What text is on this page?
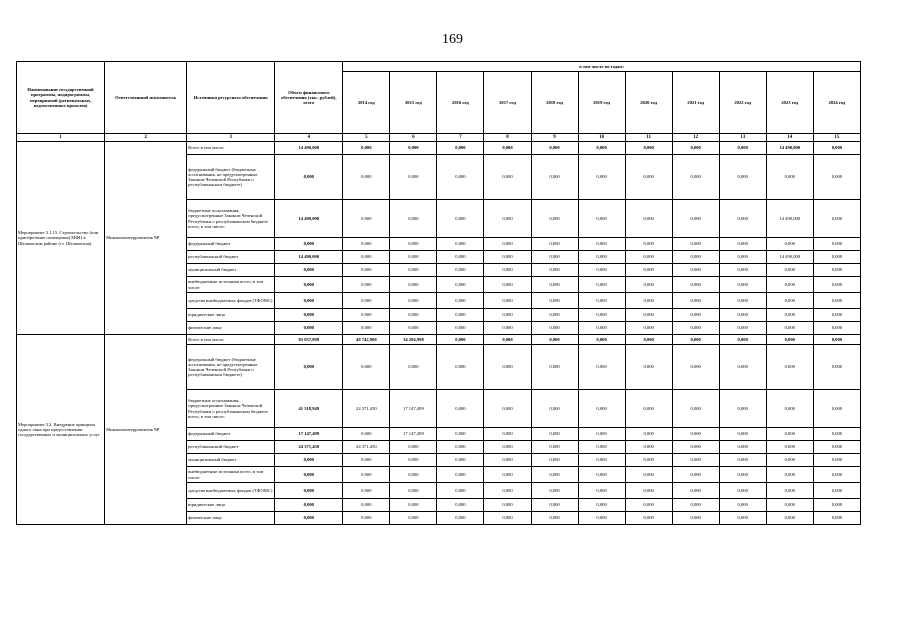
169
Наименование государственной программы, подпрограммы, мероприятий (региональных, ведомственных проектов)	Ответственный исполнитель	Источники ресурсного обеспечения	Объем финансового обеспечения (тыс. рублей), всего	в том числе по годам:										
				2014 год	2015 год	2016 год	2017 год	2018 год	2019 год	2020 год	2021 год	2022 год	2023 год	2024 год
1	2	3	4	5	6	7	8	9	10	11	12	13	14	15
Мероприятие 3.1.15. Строительство (или приобретение помещения) МФЦ в Шелковском районе (ст. Шелковская)	Минэкономтерразвития ЧР	Всего в том числе:	14 490,000	0,000	0,000	0,000	0,000	0,000	0,000	0,000	0,000	0,000	14 490,000	0,000
		федеральный бюджет (бюджетные ассигнования, не предусмотренные Законом Чеченской Республики о республиканском бюджете)	0,000	0,000	0,000	0,000	0,000	0,000	0,000	0,000	0,000	0,000	0,000	0,000
		бюджетные ассигнования, предусмотренные Законом Чеченской Республики о республиканском бюджете всего, в том числе:	14 490,000	0,000	0,000	0,000	0,000	0,000	0,000	0,000	0,000	0,000	14 490,000	0,000
		федеральный бюджет	0,000	0,000	0,000	0,000	0,000	0,000	0,000	0,000	0,000	0,000	0,000	0,000
		республиканский бюджет	14 490,000	0,000	0,000	0,000	0,000	0,000	0,000	0,000	0,000	0,000	14 490,000	0,000
		муниципальный бюджет	0,000	0,000	0,000	0,000	0,000	0,000	0,000	0,000	0,000	0,000	0,000	0,000
		внебюджетные источники всего, в том числе:	0,000	0,000	0,000	0,000	0,000	0,000	0,000	0,000	0,000	0,000	0,000	0,000
		средства внебюджетных фондов (ТФОМС)	0,000	0,000	0,000	0,000	0,000	0,000	0,000	0,000	0,000	0,000	0,000	0,000
		юридические лица	0,000	0,000	0,000	0,000	0,000	0,000	0,000	0,000	0,000	0,000	0,000	0,000
		физические лица	0,000	0,000	0,000	0,000	0,000	0,000	0,000	0,000	0,000	0,000	0,000	0,000
Мероприятие 3.2. Внедрение принципа одного окна при предоставлении государственных и муниципальных услуг	Минэкономтерразвития ЧР	Всего в том числе:	83 037,898	48 742,900	34 294,998	0,000	0,000	0,000	0,000	0,000	0,000	0,000	0,000	0,000
		федеральный бюджет (бюджетные ассигнования, не предусмотренные Законом Чеченской Республики о республиканском бюджете)	0,000	0,000	0,000	0,000	0,000	0,000	0,000	0,000	0,000	0,000	0,000	0,000
		бюджетные ассигнования, предусмотренные Законом Чеченской Республики о республиканском бюджете всего, в том числе:	41 518,949	24 371,450	17 147,499	0,000	0,000	0,000	0,000	0,000	0,000	0,000	0,000	0,000
		федеральный бюджет	17 147,499	0,000	17 147,499	0,000	0,000	0,000	0,000	0,000	0,000	0,000	0,000	0,000
		республиканский бюджет	24 371,450	24 371,450	0,000	0,000	0,000	0,000	0,000	0,000	0,000	0,000	0,000	0,000
		муниципальный бюджет	0,000	0,000	0,000	0,000	0,000	0,000	0,000	0,000	0,000	0,000	0,000	0,000
		внебюджетные источники всего, в том числе:	0,000	0,000	0,000	0,000	0,000	0,000	0,000	0,000	0,000	0,000	0,000	0,000
		средства внебюджетных фондов (ТФОМС)	0,000	0,000	0,000	0,000	0,000	0,000	0,000	0,000	0,000	0,000	0,000	0,000
		юридические лица	0,000	0,000	0,000	0,000	0,000	0,000	0,000	0,000	0,000	0,000	0,000	0,000
		физические лица	0,000	0,000	0,000	0,000	0,000	0,000	0,000	0,000	0,000	0,000	0,000	0,000
